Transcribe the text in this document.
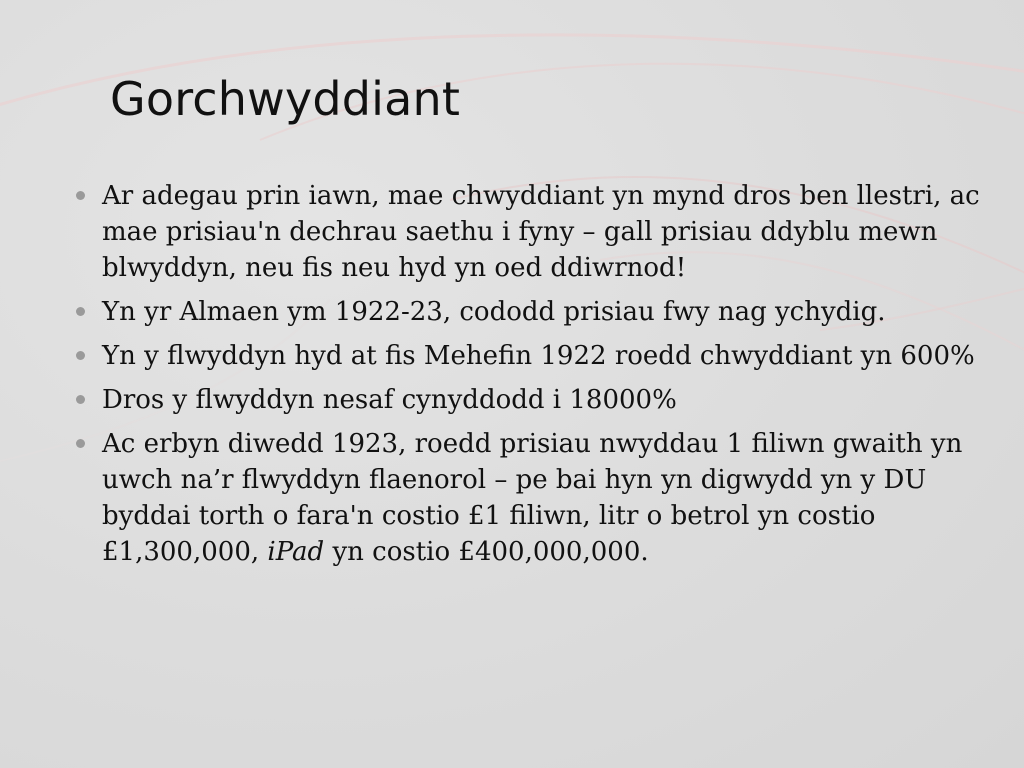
Gorchwyddiant
Ar adegau prin iawn, mae chwyddiant yn mynd dros ben llestri, ac mae prisiau'n dechrau saethu i fyny – gall prisiau ddyblu mewn blwyddyn, neu fis neu hyd yn oed ddiwrnod!
Yn yr Almaen ym 1922-23, cododd prisiau fwy nag ychydig.
Yn y flwyddyn hyd at fis Mehefin 1922 roedd chwyddiant yn 600%
Dros y flwyddyn nesaf cynyddodd i 18000%
Ac erbyn diwedd 1923, roedd prisiau nwyddau 1 filiwn gwaith yn uwch na’r flwyddyn flaenorol – pe bai hyn yn digwydd yn y DU byddai torth o fara'n costio £1 filiwn, litr o betrol yn costio £1,300,000, iPad yn costio £400,000,000.
